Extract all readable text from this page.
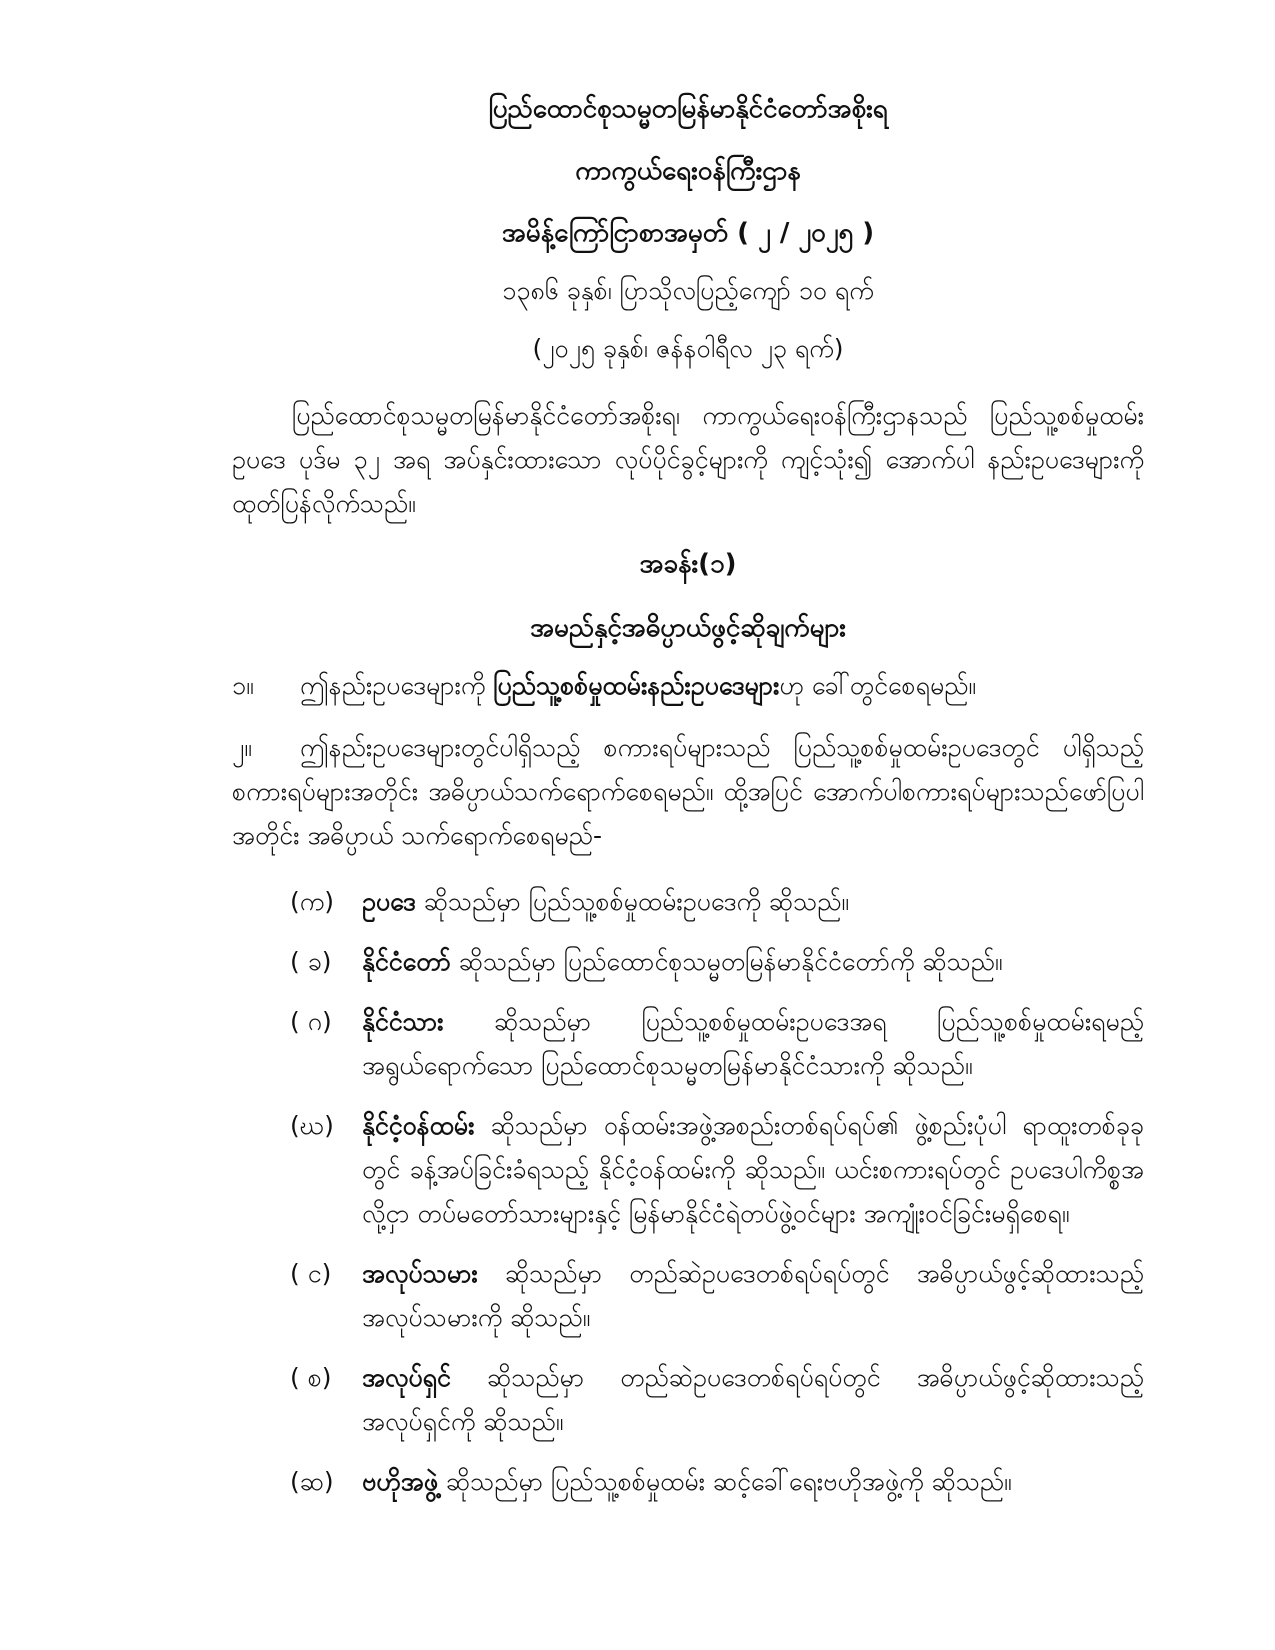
ပြည်ထောင်စုသမ္မတမြန်မာနိုင်ငံတော်အစိုးရ
ကာကွယ်ရေးဝန်ကြီးဌာန
အမိန့်ကြော်ငြာစာအမှတ် ( ၂ / ၂၀၂၅ )
၁၃၈၆ ခုနှစ်၊ ပြာသိုလပြည့်ကျော် ၁၀ ရက်
(၂၀၂၅ ခုနှစ်၊ ဇန်နဝါရီလ ၂၃ ရက်)
ပြည်ထောင်စုသမ္မတမြန်မာနိုင်ငံတော်အစိုးရ၊ ကာကွယ်ရေးဝန်ကြီးဌာနသည် ပြည်သူ့စစ်မှုထမ်းဥပဒေ ပုဒ်မ ၃၂ အရ အပ်နှင်းထားသော လုပ်ပိုင်ခွင့်များကို ကျင့်သုံး၍ အောက်ပါ နည်းဥပဒေများကို ထုတ်ပြန်လိုက်သည်။
အခန်း(၁)
အမည်နှင့်အဓိပ္ပာယ်ဖွင့်ဆိုချက်များ
၁။ ဤနည်းဥပဒေများကို ပြည်သူ့စစ်မှုထမ်းနည်းဥပဒေများဟု ခေါ်တွင်စေရမည်။
၂။ ဤနည်းဥပဒေများတွင်ပါရှိသည့် စကားရပ်များသည် ပြည်သူ့စစ်မှုထမ်းဥပဒေတွင် ပါရှိသည့် စကားရပ်များအတိုင်း အဓိပ္ပာယ်သက်ရောက်စေရမည်။ ထို့အပြင် အောက်ပါစကားရပ်များသည်ဖော်ပြပါအတိုင်း အဓိပ္ပာယ် သက်ရောက်စေရမည်-
(က)	ဥပဒေ ဆိုသည်မှာ ပြည်သူ့စစ်မှုထမ်းဥပဒေကို ဆိုသည်။
( ခ)	နိုင်ငံတော် ဆိုသည်မှာ ပြည်ထောင်စုသမ္မတမြန်မာနိုင်ငံတော်ကို ဆိုသည်။
( ဂ)	နိုင်ငံသား ဆိုသည်မှာ ပြည်သူ့စစ်မှုထမ်းဥပဒေအရ ပြည်သူ့စစ်မှုထမ်းရမည့် အရွယ်ရောက်သော ပြည်ထောင်စုသမ္မတမြန်မာနိုင်ငံသားကို ဆိုသည်။
(ဃ)	နိုင်ငံ့ဝန်ထမ်း ဆိုသည်မှာ ဝန်ထမ်းအဖွဲ့အစည်းတစ်ရပ်ရပ်၏ ဖွဲ့စည်းပုံပါ ရာထူးတစ်ခုခုတွင် ခန့်အပ်ခြင်းခံရသည့် နိုင်ငံ့ဝန်ထမ်းကို ဆိုသည်။ ယင်းစကားရပ်တွင် ဥပဒေပါကိစ္စအလို့ငှာ တပ်မတော်သားများနှင့် မြန်မာနိုင်ငံရဲတပ်ဖွဲ့ဝင်များ အကျုံးဝင်ခြင်းမရှိစေရ။
( င)	အလုပ်သမား ဆိုသည်မှာ တည်ဆဲဥပဒေတစ်ရပ်ရပ်တွင် အဓိပ္ပာယ်ဖွင့်ဆိုထားသည့် အလုပ်သမားကို ဆိုသည်။
( စ)	အလုပ်ရှင် ဆိုသည်မှာ တည်ဆဲဥပဒေတစ်ရပ်ရပ်တွင် အဓိပ္ပာယ်ဖွင့်ဆိုထားသည့် အလုပ်ရှင်ကို ဆိုသည်။
(ဆ)	ဗဟိုအဖွဲ့ ဆိုသည်မှာ ပြည်သူ့စစ်မှုထမ်း ဆင့်ခေါ်ရေးဗဟိုအဖွဲ့ကို ဆိုသည်။
